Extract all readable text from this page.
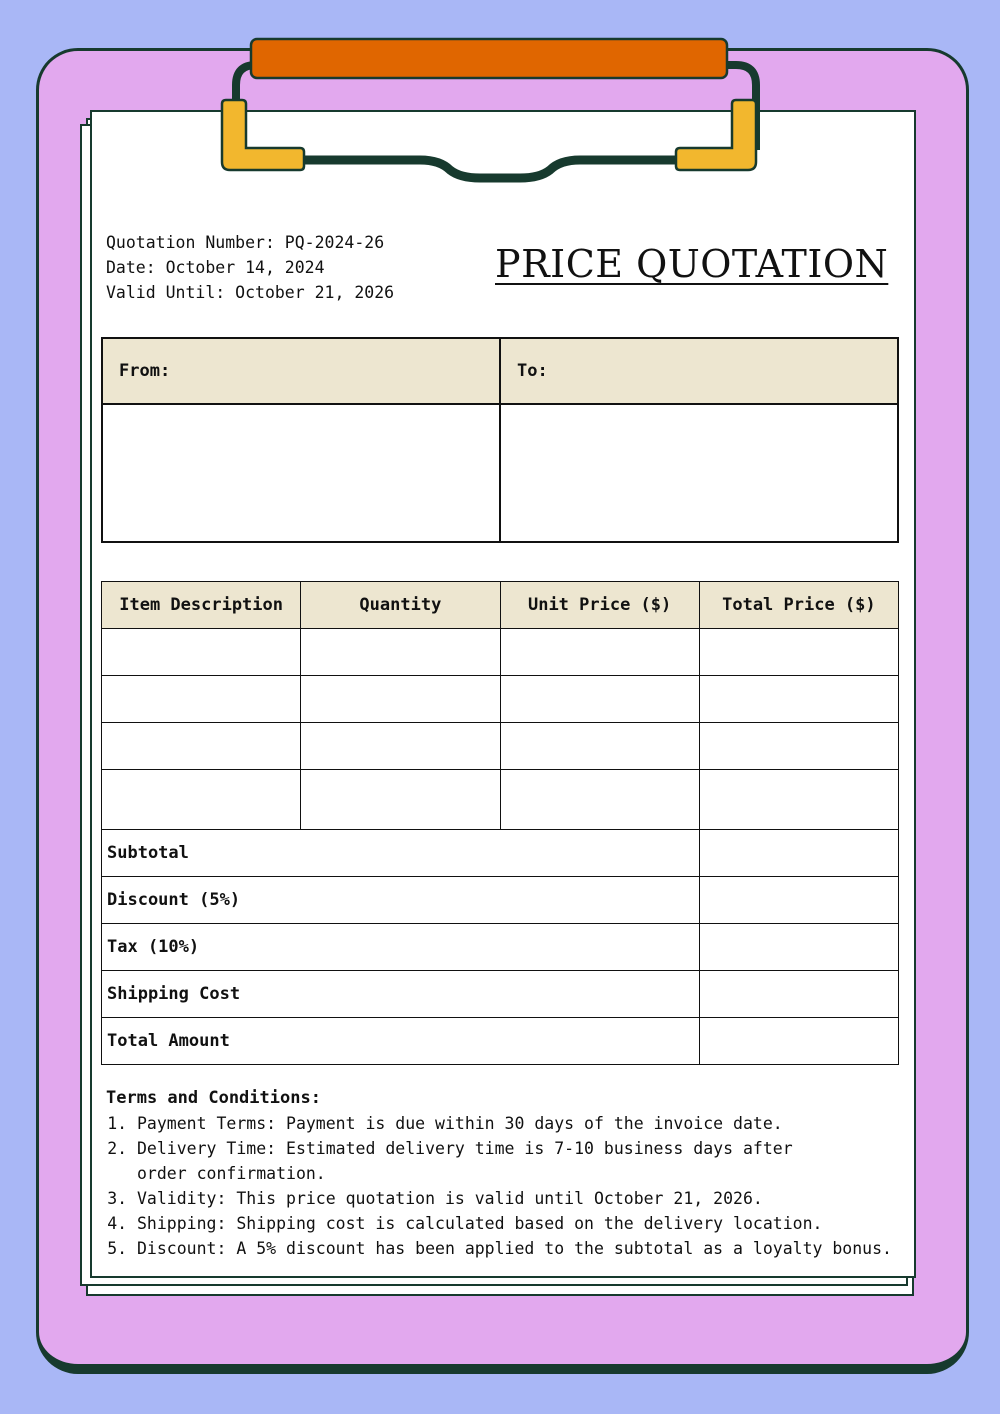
Quotation Number: PQ-2024-26
Date: October 14, 2024
Valid Until: October 21, 2026
PRICE QUOTATION
From:	To:

Item Description	Quantity	Unit Price ($)	Total Price ($)

Subtotal			
Discount (5%)			
Tax (10%)			
Shipping Cost			
Total Amount			
Terms and Conditions:
1. Payment Terms: Payment is due within 30 days of the invoice date.
2. Delivery Time: Estimated delivery time is 7-10 business days after order confirmation.
3. Validity: This price quotation is valid until October 21, 2026.
4. Shipping: Shipping cost is calculated based on the delivery location.
5. Discount: A 5% discount has been applied to the subtotal as a loyalty bonus.
